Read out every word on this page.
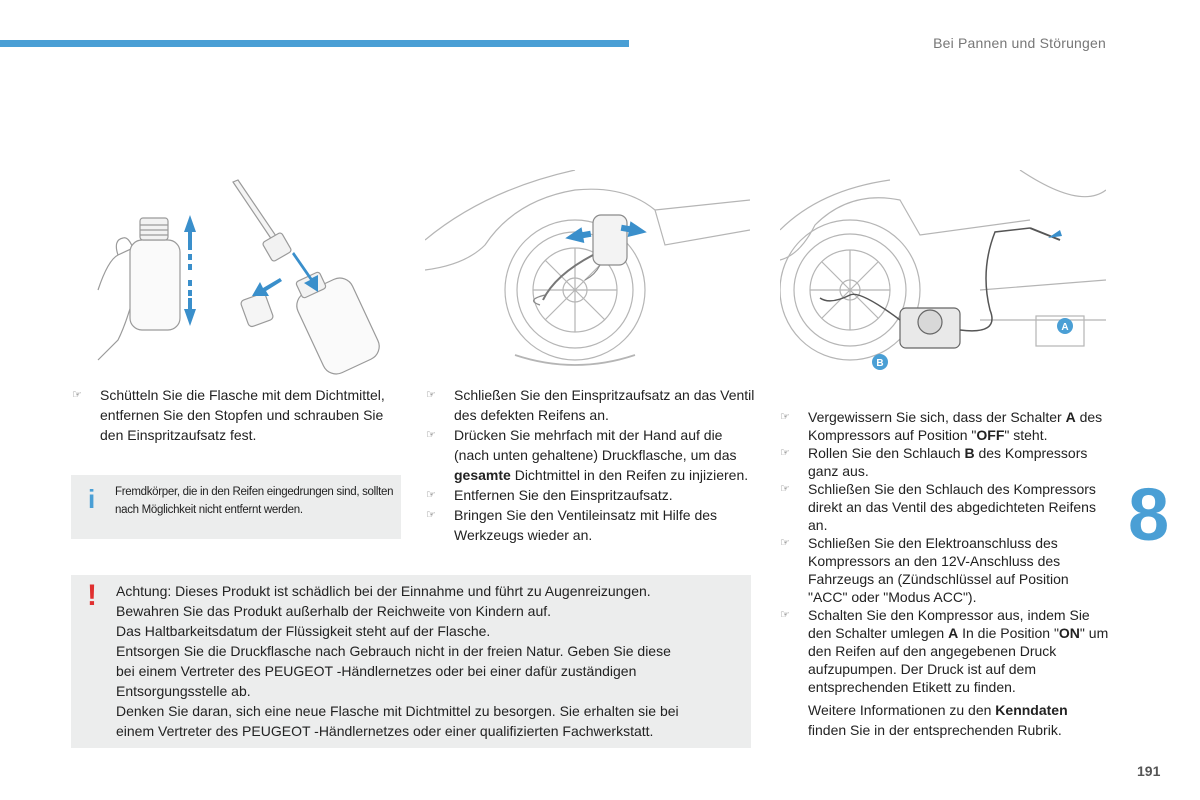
Bei Pannen und Störungen
A
B
☞ Schütteln Sie die Flasche mit dem Dichtmittel, entfernen Sie den Stopfen und schrauben Sie den Einspritzaufsatz fest.
i Fremdkörper, die in den Reifen eingedrungen sind, sollten nach Möglichkeit nicht entfernt werden.
☞ Schließen Sie den Einspritzaufsatz an das Ventil des defekten Reifens an.
☞ Drücken Sie mehrfach mit der Hand auf die (nach unten gehaltene) Druckflasche, um das gesamte Dichtmittel in den Reifen zu injizieren.
☞ Entfernen Sie den Einspritzaufsatz.
☞ Bringen Sie den Ventileinsatz mit Hilfe des Werkzeugs wieder an.
☞ Vergewissern Sie sich, dass der Schalter A des Kompressors auf Position "OFF" steht.
☞ Rollen Sie den Schlauch B des Kompressors ganz aus.
☞ Schließen Sie den Schlauch des Kompressors direkt an das Ventil des abgedichteten Reifens an.
☞ Schließen Sie den Elektroanschluss des Kompressors an den 12V-Anschluss des Fahrzeugs an (Zündschlüssel auf Position "ACC" oder "Modus ACC").
☞ Schalten Sie den Kompressor aus, indem Sie den Schalter umlegen A In die Position "ON" um den Reifen auf den angegebenen Druck aufzupumpen. Der Druck ist auf dem entsprechenden Etikett zu finden.
Weitere Informationen zu den Kenndaten finden Sie in der entsprechenden Rubrik.
! Achtung: Dieses Produkt ist schädlich bei der Einnahme und führt zu Augenreizungen.
Bewahren Sie das Produkt außerhalb der Reichweite von Kindern auf.
Das Haltbarkeitsdatum der Flüssigkeit steht auf der Flasche.
Entsorgen Sie die Druckflasche nach Gebrauch nicht in der freien Natur. Geben Sie diese
bei einem Vertreter des PEUGEOT -Händlernetzes oder bei einer dafür zuständigen
Entsorgungsstelle ab.
Denken Sie daran, sich eine neue Flasche mit Dichtmittel zu besorgen. Sie erhalten sie bei
einem Vertreter des PEUGEOT -Händlernetzes oder einer qualifizierten Fachwerkstatt.
8
191
